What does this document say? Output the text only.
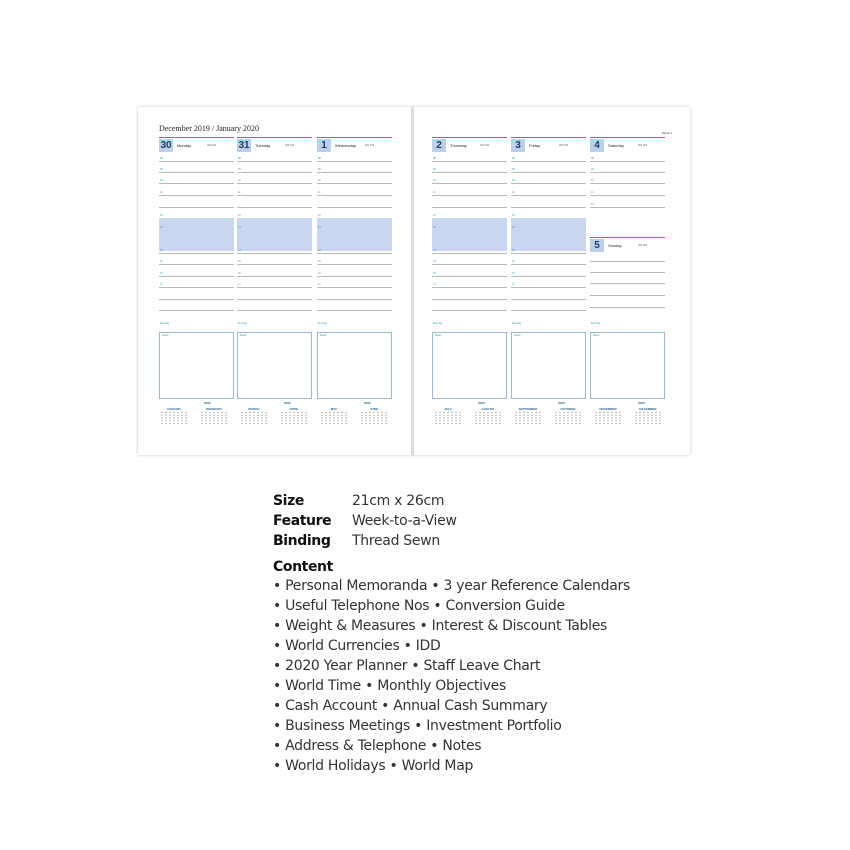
December 2019 / January 2020
30	Monday	364-001
08
09
10
11
12
13
14
15
16
17
Evening
Notes
31	Tuesday	365-000
08
09
10
11
12
13
14
15
16
17
Evening
Notes
1	Wednesday	001-365
08
09
10
11
12
13
14
15
16
17
Evening
Notes
JANUARY
2020
FEBRUARY	MARCH
2020
APRIL	MAY
2020
JUNE
Week 1
2	Thursday	002-364
08
09
10
11
12
13
14
15
16
17
Evening
Notes
3	Friday	003-363
08
09
10
11
12
13
14
15
16
17
Evening
Notes
4	Saturday	004-362
08
09
10
11
12
5	Sunday	005-361
Evening
Notes
JULY
2020
AUGUST	SEPTEMBER
2020
OCTOBER	NOVEMBER
2020
DECEMBER
Size	21cm x 26cm
Feature Week-to-a-View
Binding Thread Sewn
Content
• Personal Memoranda • 3 year Reference Calendars
• Useful Telephone Nos • Conversion Guide
• Weight & Measures • Interest & Discount Tables
• World Currencies • IDD
• 2020 Year Planner • Staff Leave Chart
• World Time • Monthly Objectives
• Cash Account • Annual Cash Summary
• Business Meetings • Investment Portfolio
• Address & Telephone • Notes
• World Holidays • World Map
